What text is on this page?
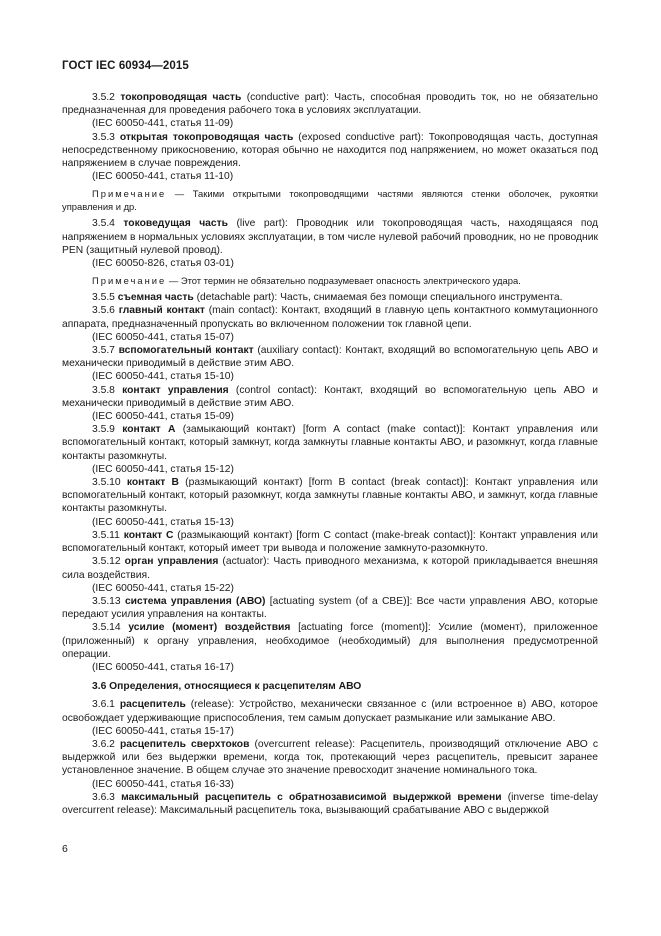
ГОСТ IEC 60934—2015

3.5.2 токопроводящая часть (conductive part): Часть, способная проводить ток, но не обязательно предназначенная для проведения рабочего тока в условиях эксплуатации.

(IEC 60050-441, статья 11-09)

3.5.3 открытая токопроводящая часть (exposed conductive part): Токопроводящая часть, доступная непосредственному прикосновению, которая обычно не находится под напряжением, но может оказаться под напряжением в случае повреждения.

(IEC 60050-441, статья 11-10)

Примечание — Такими открытыми токопроводящими частями являются стенки оболочек, рукоятки управления и др.

3.5.4 токоведущая часть (live part): Проводник или токопроводящая часть, находящаяся под напряжением в нормальных условиях эксплуатации, в том числе нулевой рабочий проводник, но не проводник PEN (защитный нулевой провод).

(IEC 60050-826, статья 03-01)

Примечание — Этот термин не обязательно подразумевает опасность электрического удара.

3.5.5 съемная часть (detachable part): Часть, снимаемая без помощи специального инструмента.

3.5.6 главный контакт (main contact): Контакт, входящий в главную цепь контактного коммутационного аппарата, предназначенный пропускать во включенном положении ток главной цепи.

(IEC 60050-441, статья 15-07)

3.5.7 вспомогательный контакт (auxiliary contact): Контакт, входящий во вспомогательную цепь АВО и механически приводимый в действие этим АВО.

(IEC 60050-441, статья 15-10)

3.5.8 контакт управления (control contact): Контакт, входящий во вспомогательную цепь АВО и механически приводимый в действие этим АВО.

(IEC 60050-441, статья 15-09)

3.5.9 контакт А (замыкающий контакт) [form A contact (make contact)]: Контакт управления или вспомогательный контакт, который замкнут, когда замкнуты главные контакты АВО, и разомкнут, когда главные контакты разомкнуты.

(IEC 60050-441, статья 15-12)

3.5.10 контакт В (размыкающий контакт) [form B contact (break contact)]: Контакт управления или вспомогательный контакт, который разомкнут, когда замкнуты главные контакты АВО, и замкнут, когда главные контакты разомкнуты.

(IEC 60050-441, статья 15-13)

3.5.11 контакт С (размыкающий контакт) [form C contact (make-break contact)]: Контакт управления или вспомогательный контакт, который имеет три вывода и положение замкнуто-разомкнуто.

3.5.12 орган управления (actuator): Часть приводного механизма, к которой прикладывается внешняя сила воздействия.

(IEC 60050-441, статья 15-22)

3.5.13 система управления (АВО) [actuating system (of a CBE)]: Все части управления АВО, которые передают усилия управления на контакты.

3.5.14 усилие (момент) воздействия [actuating force (moment)]: Усилие (момент), приложенное (приложенный) к органу управления, необходимое (необходимый) для выполнения предусмотренной операции.

(IEC 60050-441, статья 16-17)

3.6 Определения, относящиеся к расцепителям АВО

3.6.1 расцепитель (release): Устройство, механически связанное с (или встроенное в) АВО, которое освобождает удерживающие приспособления, тем самым допускает размыкание или замыкание АВО.

(IEC 60050-441, статья 15-17)

3.6.2 расцепитель сверхтоков (overcurrent release): Расцепитель, производящий отключение АВО с выдержкой или без выдержки времени, когда ток, протекающий через расцепитель, превысит заранее установленное значение. В общем случае это значение превосходит значение номинального тока.

(IEC 60050-441, статья 16-33)

3.6.3 максимальный расцепитель с обратнозависимой выдержкой времени (inverse time-delay overcurrent release): Максимальный расцепитель тока, вызывающий срабатывание АВО с выдержкой

6
